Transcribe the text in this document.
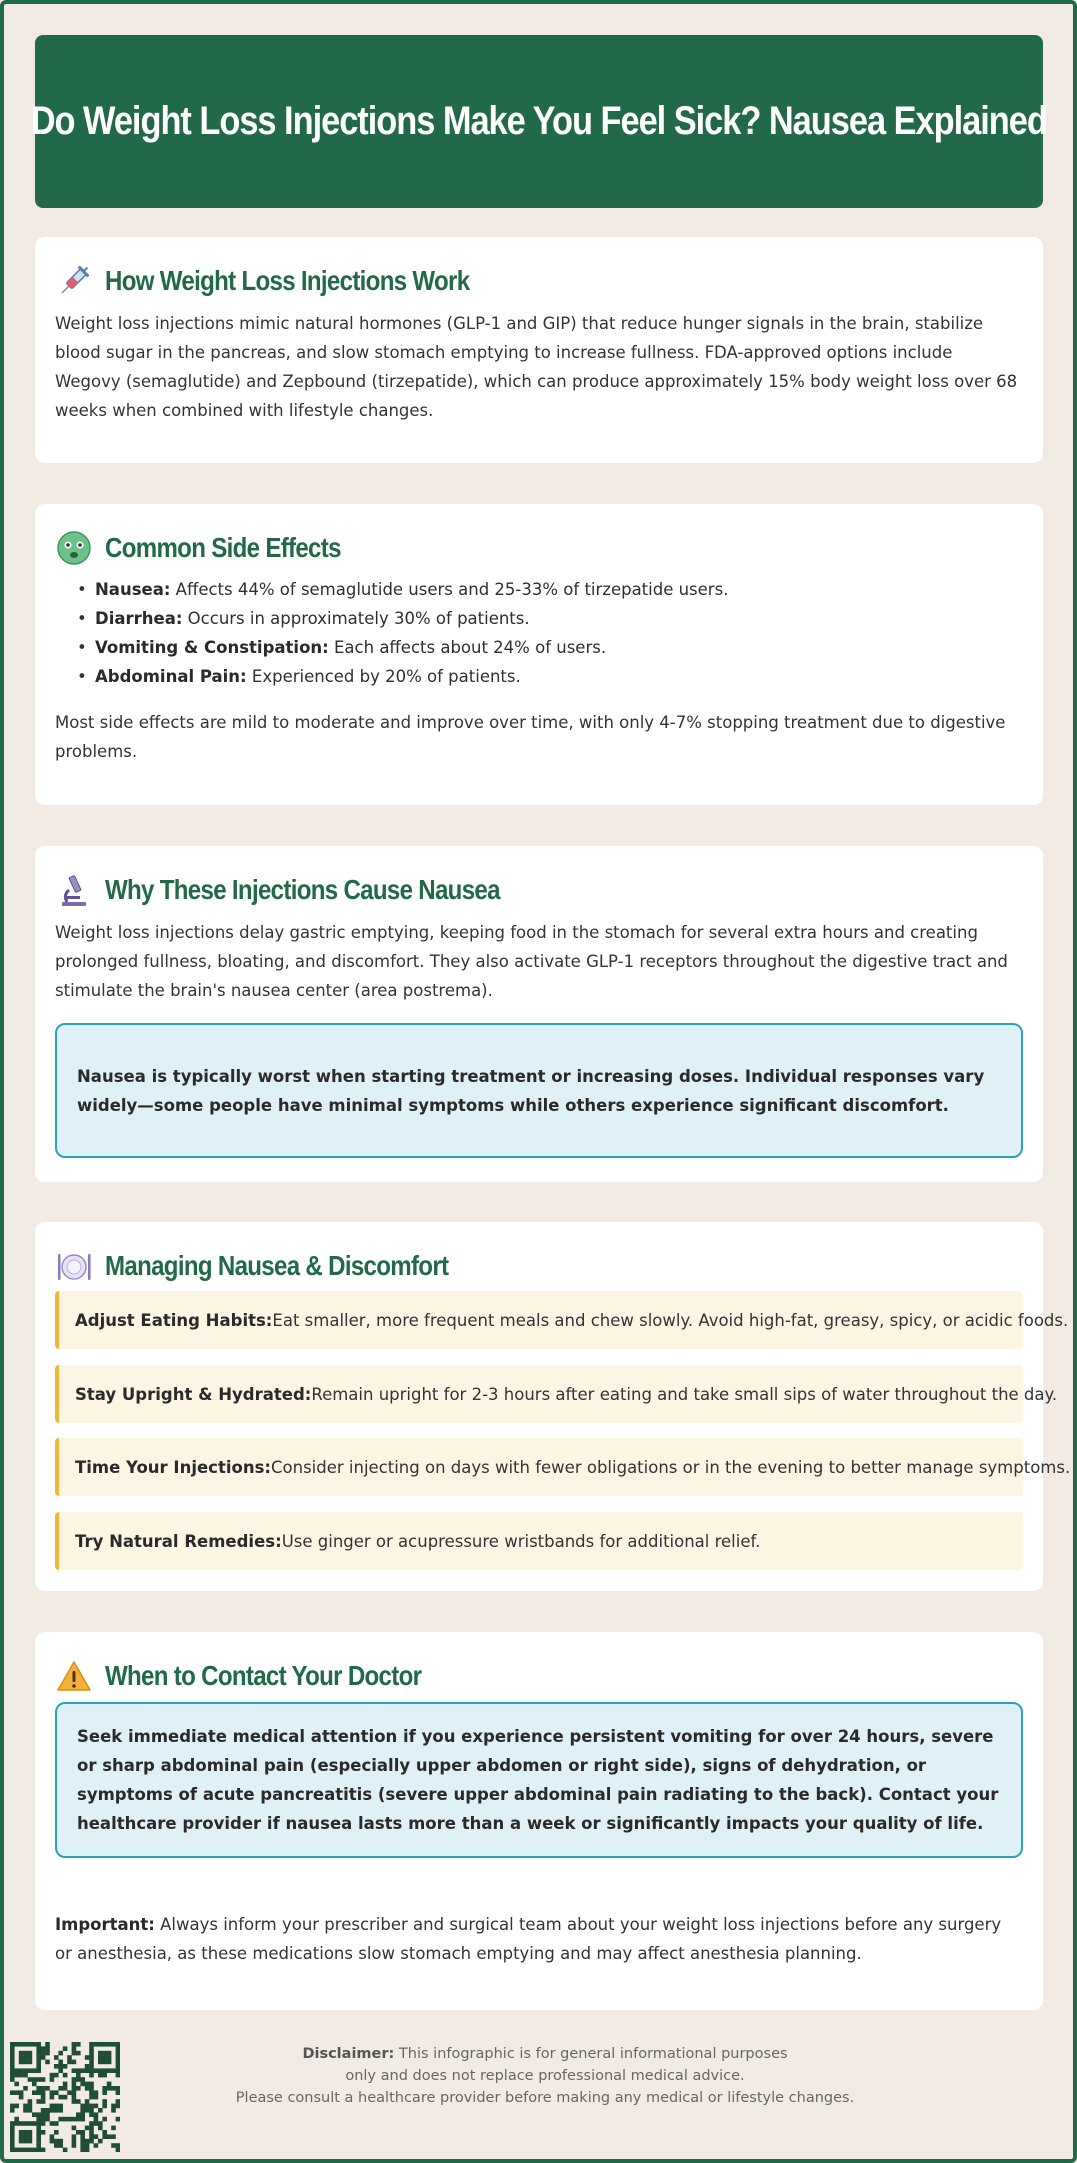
Do Weight Loss Injections Make You Feel Sick? Nausea Explained
How Weight Loss Injections Work

Weight loss injections mimic natural hormones (GLP-1 and GIP) that reduce hunger signals in the brain, stabilize blood sugar in the pancreas, and slow stomach emptying to increase fullness. FDA-approved options include Wegovy (semaglutide) and Zepbound (tirzepatide), which can produce approximately 15% body weight loss over 68 weeks when combined with lifestyle changes.

Common Side Effects
• Nausea: Affects 44% of semaglutide users and 25-33% of tirzepatide users.
• Diarrhea: Occurs in approximately 30% of patients.
• Vomiting & Constipation: Each affects about 24% of users.
• Abdominal Pain: Experienced by 20% of patients.

Most side effects are mild to moderate and improve over time, with only 4-7% stopping treatment due to digestive problems.

Why These Injections Cause Nausea

Weight loss injections delay gastric emptying, keeping food in the stomach for several extra hours and creating prolonged fullness, bloating, and discomfort. They also activate GLP-1 receptors throughout the digestive tract and stimulate the brain's nausea center (area postrema).

Nausea is typically worst when starting treatment or increasing doses. Individual responses vary widely—some people have minimal symptoms while others experience significant discomfort.

Managing Nausea & Discomfort
Adjust Eating Habits: Eat smaller, more frequent meals and chew slowly. Avoid high-fat, greasy, spicy, or acidic foods.
Stay Upright & Hydrated: Remain upright for 2-3 hours after eating and take small sips of water throughout the day.
Time Your Injections: Consider injecting on days with fewer obligations or in the evening to better manage symptoms.
Try Natural Remedies: Use ginger or acupressure wristbands for additional relief.
When to Contact Your Doctor

Seek immediate medical attention if you experience persistent vomiting for over 24 hours, severe or sharp abdominal pain (especially upper abdomen or right side), signs of dehydration, or symptoms of acute pancreatitis (severe upper abdominal pain radiating to the back). Contact your healthcare provider if nausea lasts more than a week or significantly impacts your quality of life.

Important: Always inform your prescriber and surgical team about your weight loss injections before any surgery or anesthesia, as these medications slow stomach emptying and may affect anesthesia planning.

Disclaimer: This infographic is for general informational purposes
only and does not replace professional medical advice.
Please consult a healthcare provider before making any medical or lifestyle changes.
